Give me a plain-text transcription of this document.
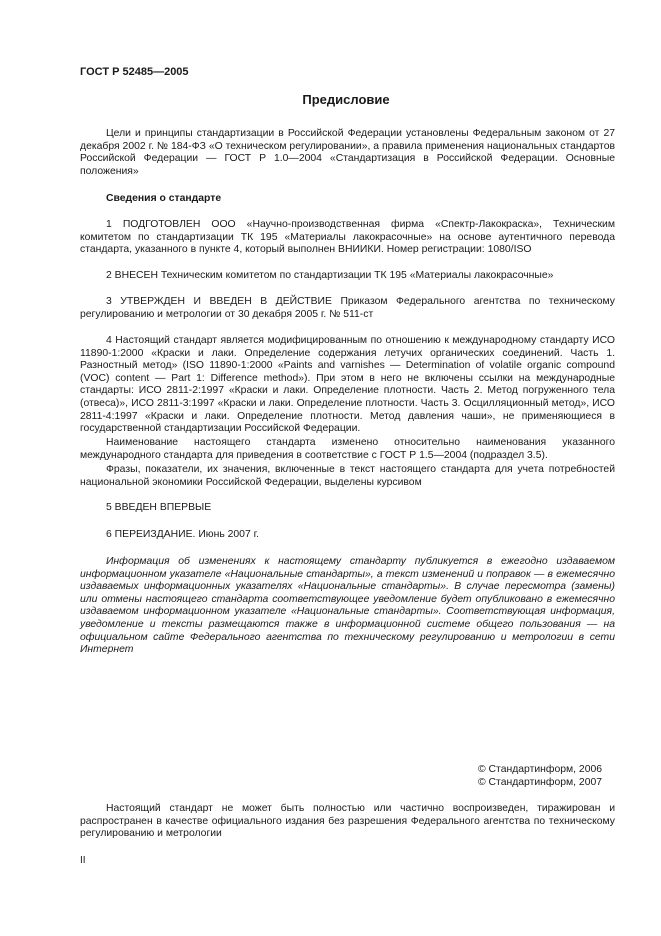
ГОСТ Р 52485—2005
Предисловие

Цели и принципы стандартизации в Российской Федерации установлены Федеральным законом от 27 декабря 2002 г. № 184-ФЗ «О техническом регулировании», а правила применения национальных стандартов Российской Федерации — ГОСТ Р 1.0—2004 «Стандартизация в Российской Федерации. Основные положения»

Сведения о стандарте

1 ПОДГОТОВЛЕН ООО «Научно-производственная фирма «Спектр-Лакокраска», Техническим комитетом по стандартизации ТК 195 «Материалы лакокрасочные» на основе аутентичного перевода стандарта, указанного в пункте 4, который выполнен ВНИИКИ. Номер регистрации: 1080/ISO

2 ВНЕСЕН Техническим комитетом по стандартизации ТК 195 «Материалы лакокрасочные»

3 УТВЕРЖДЕН И ВВЕДЕН В ДЕЙСТВИЕ Приказом Федерального агентства по техническому регулированию и метрологии от 30 декабря 2005 г. № 511-ст

4 Настоящий стандарт является модифицированным по отношению к международному стандарту ИСО 11890-1:2000 «Краски и лаки. Определение содержания летучих органических соединений. Часть 1. Разностный метод» (ISO 11890-1:2000 «Paints and varnishes — Determination of volatile organic compound (VOC) content — Part 1: Difference method»). При этом в него не включены ссылки на международные стандарты: ИСО 2811-2:1997 «Краски и лаки. Определение плотности. Часть 2. Метод погруженного тела (отвеса)», ИСО 2811-3:1997 «Краски и лаки. Определение плотности. Часть 3. Осцилляционный метод», ИСО 2811-4:1997 «Краски и лаки. Определение плотности. Метод давления чаши», не применяющиеся в государственной стандартизации Российской Федерации.

Наименование настоящего стандарта изменено относительно наименования указанного международного стандарта для приведения в соответствие с ГОСТ Р 1.5—2004 (подраздел 3.5).

Фразы, показатели, их значения, включенные в текст настоящего стандарта для учета потребностей национальной экономики Российской Федерации, выделены курсивом

5 ВВЕДЕН ВПЕРВЫЕ

6 ПЕРЕИЗДАНИЕ. Июнь 2007 г.

Информация об изменениях к настоящему стандарту публикуется в ежегодно издаваемом информационном указателе «Национальные стандарты», а текст изменений и поправок — в ежемесячно издаваемых информационных указателях «Национальные стандарты». В случае пересмотра (замены) или отмены настоящего стандарта соответствующее уведомление будет опубликовано в ежемесячно издаваемом информационном указателе «Национальные стандарты». Соответствующая информация, уведомление и тексты размещаются также в информационной системе общего пользования — на официальном сайте Федерального агентства по техническому регулированию и метрологии в сети Интернет

© Стандартинформ, 2006
© Стандартинформ, 2007

Настоящий стандарт не может быть полностью или частично воспроизведен, тиражирован и распространен в качестве официального издания без разрешения Федерального агентства по техническому регулированию и метрологии

II
